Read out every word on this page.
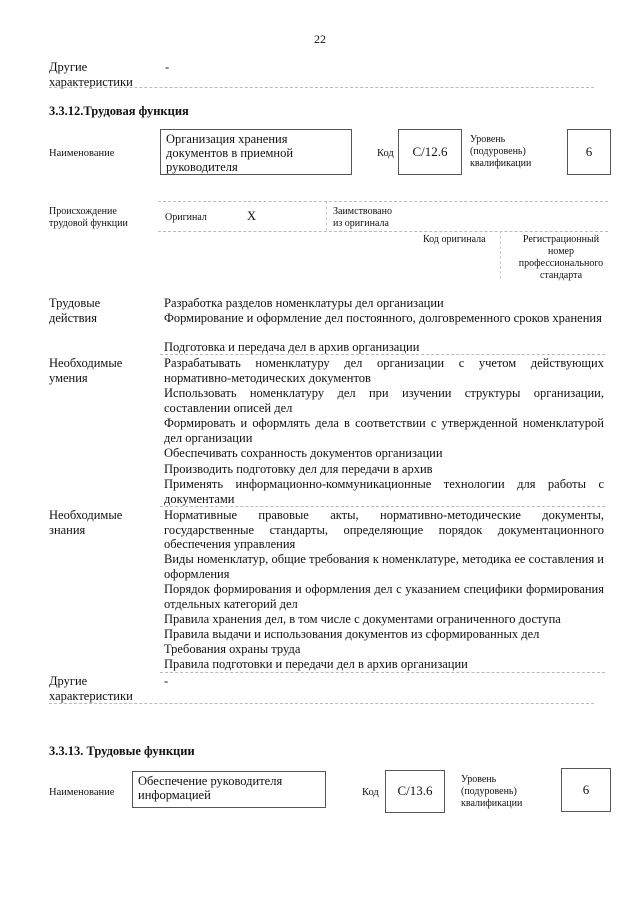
22
Другие
характеристики
-
3.3.12.Трудовая функция
Наименование
Организация хранения
документов в приемной
руководителя
Код C/12.6
Уровень
(подуровень)
квалификации
6
Происхождение
трудовой функции
Оригинал	X	Заимствовано
из оригинала
Код оригинала	Регистрационный
номер
профессионального
стандарта
Трудовые
действия
Разработка разделов номенклатуры дел организации
Формирование и оформление дел постоянного, долговременного сроков хранения
Подготовка и передача дел в архив организации
Необходимые
умения
Разрабатывать номенклатуру дел организации с учетом действующих нормативно-методических документов
Использовать номенклатуру дел при изучении структуры организации, составлении описей дел
Формировать и оформлять дела в соответствии с утвержденной номенклатурой дел организации
Обеспечивать сохранность документов организации
Производить подготовку дел для передачи в архив
Применять информационно-коммуникационные технологии для работы с документами
Необходимые
знания
Нормативные правовые акты, нормативно-методические документы, государственные стандарты, определяющие порядок документационного обеспечения управления
Виды номенклатур, общие требования к номенклатуре, методика ее составления и оформления
Порядок формирования и оформления дел с указанием специфики формирования отдельных категорий дел
Правила хранения дел, в том числе с документами ограниченного доступа
Правила выдачи и использования документов из сформированных дел
Требования охраны труда
Правила подготовки и передачи дел в архив организации
Другие
характеристики
-
3.3.13. Трудовые функции
Наименование
Обеспечение руководителя
информацией	Код C/13.6
Уровень
(подуровень)
квалификации
6
